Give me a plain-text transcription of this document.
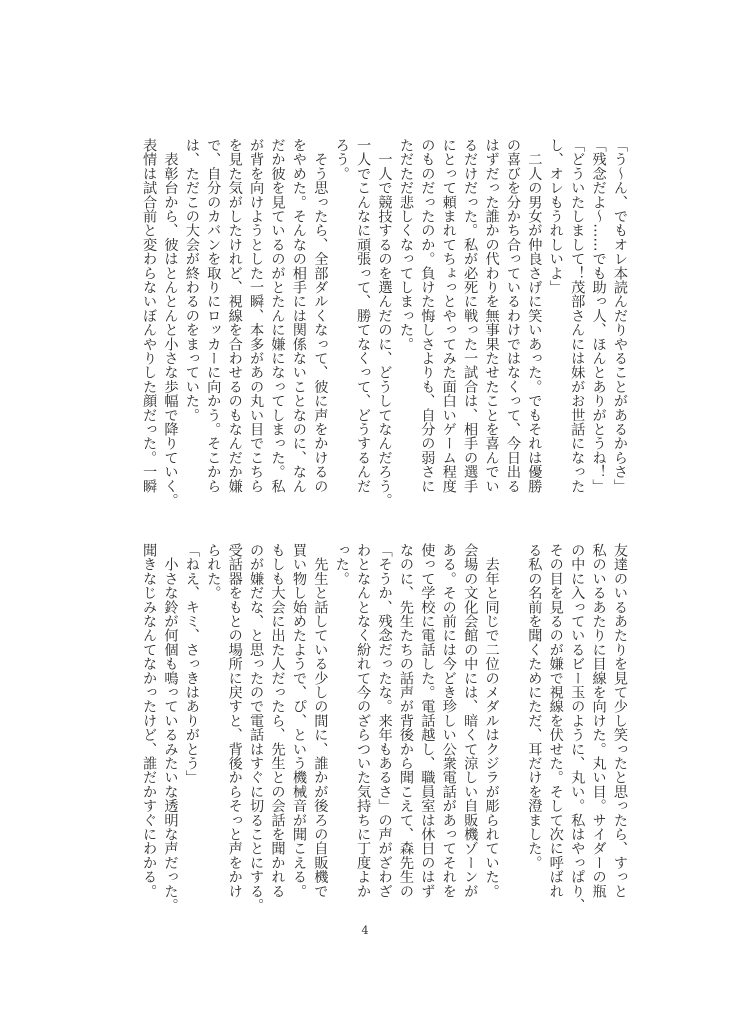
「う〜ん、でもオレ本読んだりやることがあるからさ」
「残念だよ〜……でも助っ人、ほんとありがとうね！」
「どういたしまして！茂部さんには妹がお世話になった
し、オレもうれしいよ」
　二人の男女が仲良さげに笑いあった。でもそれは優勝
の喜びを分かち合っているわけではなくって、今日出る
はずだった誰かの代わりを無事果たせたことを喜んでい
るだけだった。私が必死に戦った一試合は、相手の選手
にとって頼まれてちょっとやってみた面白いゲーム程度
のものだったのか。負けた悔しさよりも、自分の弱さに
ただただ悲しくなってしまった。
　一人で競技するのを選んだのに、どうしてなんだろう。
一人でこんなに頑張って、勝てなくって、どうするんだ
ろう。
　そう思ったら、全部ダルくなって、彼に声をかけるの
をやめた。そんなの相手には関係ないことなのに、なん
だか彼を見ているのがとたんに嫌になってしまった。私
が背を向けようとした一瞬、本多があの丸い目でこちら
を見た気がしたけれど、視線を合わせるのもなんだか嫌
で、自分のカバンを取りにロッカーに向かう。そこから
は、ただこの大会が終わるのをまっていた。
　表彰台から、彼はとんとんと小さな歩幅で降りていく。
表情は試合前と変わらないぼんやりした顔だった。一瞬
友達のいるあたりを見て少し笑ったと思ったら、すっと
私のいるあたりに目線を向けた。丸い目。サイダーの瓶
の中に入っているビー玉のように、丸い。私はやっぱり、
その目を見るのが嫌で視線を伏せた。そして次に呼ばれ
る私の名前を聞くためにただ、耳だけを澄ました。
　去年と同じで二位のメダルはクジラが彫られていた。
会場の文化会館の中には、暗くて涼しい自販機ゾーンが
ある。その前には今どき珍しい公衆電話があってそれを
使って学校に電話した。電話越し、職員室は休日のはず
なのに、先生たちの話声が背後から聞こえて、森先生の
「そうか、残念だったな。来年もあるさ」の声がざわざ
わとなんとなく紛れて今のざらついた気持ちに丁度よか
った。
　先生と話している少しの間に、誰かが後ろの自販機で
買い物し始めたようで、ぴ、という機械音が聞こえる。
もしも大会に出た人だったら、先生との会話を聞かれる
のが嫌だな、と思ったので電話はすぐに切ることにする。
受話器をもとの場所に戻すと、背後からそっと声をかけ
られた。
「ねえ、キミ、さっきはありがとう」
　小さな鈴が何個も鳴っているみたいな透明な声だった。
聞きなじみなんてなかったけど、誰だかすぐにわかる。
4
